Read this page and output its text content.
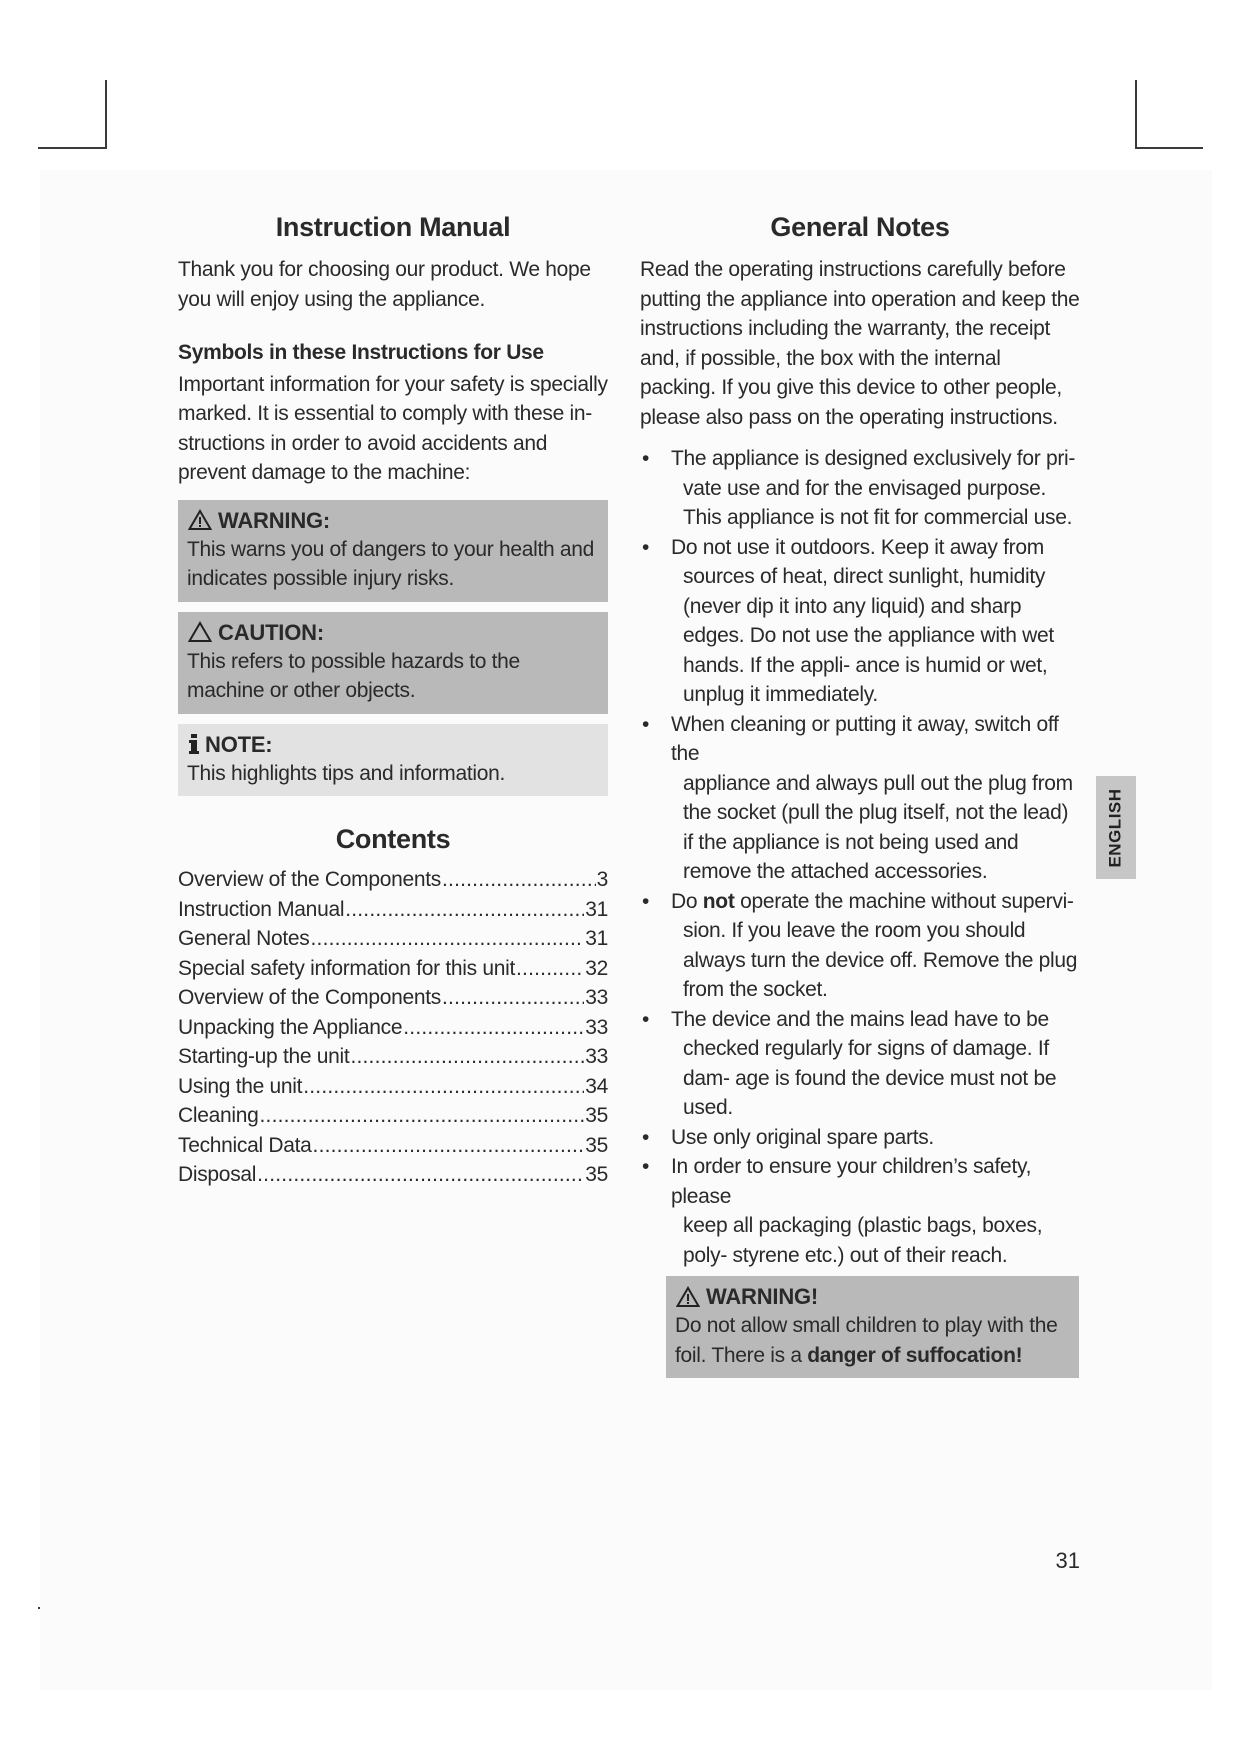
Instruction Manual

Thank you for choosing our product. We hope you will enjoy using the appliance.

Symbols in these Instructions for Use

Important information for your safety is specially marked. It is essential to comply with these in- structions in order to avoid accidents and prevent damage to the machine:

WARNING:
This warns you of dangers to your health and indicates possible injury risks.
CAUTION:
This refers to possible hazards to the machine or other objects.
NOTE:
This highlights tips and information.
Contents
Overview of the Components .....	3
Instruction Manual .....	31
General Notes .....	31
Special safety information for this unit .....	32
Overview of the Components .....	33
Unpacking the Appliance .....	33
Starting-up the unit .....	33
Using the unit .....	34
Cleaning .....	35
Technical Data .....	35
Disposal .....	35
General Notes

Read the operating instructions carefully before putting the appliance into operation and keep the instructions including the warranty, the receipt and, if possible, the box with the internal packing. If you give this device to other people, please also pass on the operating instructions.

• The appliance is designed exclusively for pri-
vate use and for the envisaged purpose. This appliance is not fit for commercial use.
• Do not use it outdoors. Keep it away from
sources of heat, direct sunlight, humidity (never dip it into any liquid) and sharp edges. Do not use the appliance with wet hands. If the appli- ance is humid or wet, unplug it immediately.
• When cleaning or putting it away, switch off the
appliance and always pull out the plug from the socket (pull the plug itself, not the lead) if the appliance is not being used and remove the attached accessories.
• Do not operate the machine without supervi-
sion. If you leave the room you should always turn the device off. Remove the plug from the socket.
• The device and the mains lead have to be
checked regularly for signs of damage. If dam- age is found the device must not be used.
• Use only original spare parts.
• In order to ensure your children’s safety, please
keep all packaging (plastic bags, boxes, poly- styrene etc.) out of their reach.
WARNING!
Do not allow small children to play with the foil. There is a danger of suffocation!
ENGLISH
31
